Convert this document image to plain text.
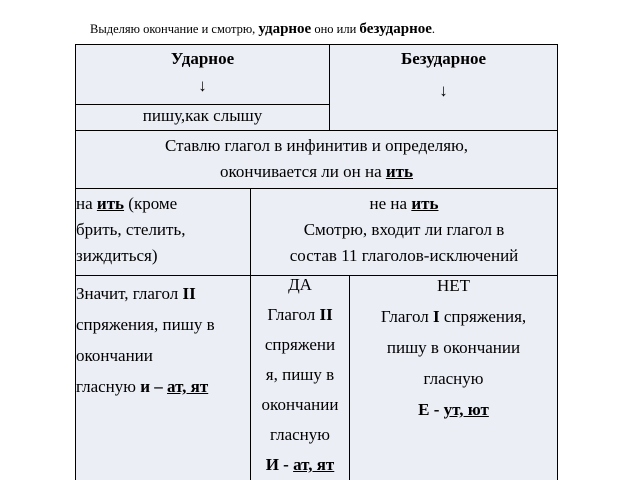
Выделяю окончание и смотрю, ударное оно или безударное.
Ударное
↓
Безударное
↓
пишу,как слышу
Ставлю глагол в инфинитив и определяю,
окончивается ли он на ить
на ить (кроме
брить, стелить,
зиждиться)
не на ить
Смотрю, входит ли глагол в
состав 11 глаголов-исключений
Значит, глагол II
спряжения, пишу в
окончании
гласную и – ат, ят
ДА
Глагол II
спряжени
я, пишу в
окончании
гласную
И - ат, ят
НЕТ
Глагол I спряжения,
пишу в окончании
гласную
Е - ут, ют
